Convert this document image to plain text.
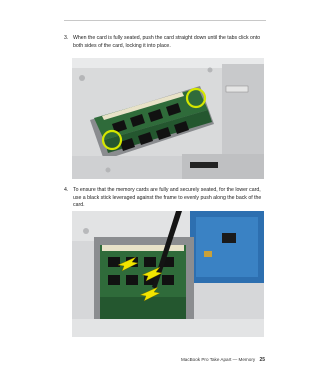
3. When the card is fully seated, push the card straight down until the tabs click onto both sides of the card, locking it into place.
4. To ensure that the memory cards are fully and securely seated, for the lower card, use a black stick leveraged against the frame to evenly push along the back of the card.
MacBook Pro Take Apart — Memory 25
